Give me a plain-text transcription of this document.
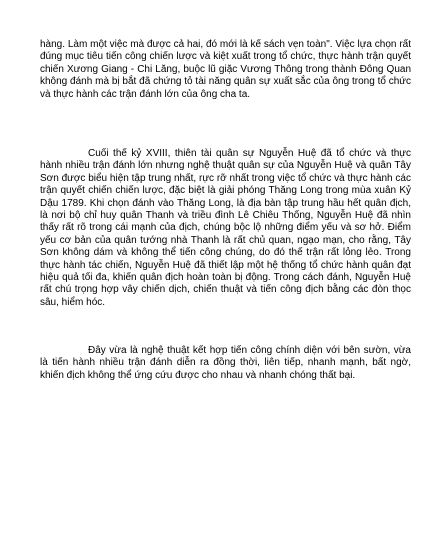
hàng. Làm một việc mà được cả hai, đó mới là kế sách vẹn toàn". Việc lựa chọn rất đúng mục tiêu tiến công chiến lược và kiệt xuất trong tổ chức, thực hành trận quyết chiến Xương Giang - Chi Lăng, buộc lũ giặc Vương Thông trong thành Đông Quan không đánh mà bị bắt đã chứng tỏ tài năng quân sự xuất sắc của ông trong tổ chức và thực hành các trận đánh lớn của ông cha ta.

Cuối thế kỷ XVIII, thiên tài quân sự Nguyễn Huệ đã tổ chức và thực hành nhiều trận đánh lớn nhưng nghệ thuật quân sự của Nguyễn Huệ và quân Tây Sơn được biểu hiện tập trung nhất, rực rỡ nhất trong việc tổ chức và thực hành các trận quyết chiến chiến lược, đặc biệt là giải phóng Thăng Long trong mùa xuân Kỷ Dậu 1789. Khi chọn đánh vào Thăng Long, là địa bàn tập trung hầu hết quân địch, là nơi bộ chỉ huy quân Thanh và triều đình Lê Chiêu Thống, Nguyễn Huệ đã nhìn thấy rất rõ trong cái mạnh của địch, chúng bộc lộ những điểm yếu và sơ hở. Điểm yếu cơ bản của quân tướng nhà Thanh là rất chủ quan, ngạo mạn, cho rằng, Tây Sơn không dám và không thể tiến công chúng, do đó thế trận rất lỏng lẻo. Trong thực hành tác chiến, Nguyễn Huệ đã thiết lập một hệ thống tổ chức hành quân đạt hiệu quả tối đa, khiến quân địch hoàn toàn bị động. Trong cách đánh, Nguyễn Huệ rất chú trọng hợp vây chiến dịch, chiến thuật và tiến công địch bằng các đòn thọc sâu, hiểm hóc.

Đây vừa là nghệ thuật kết hợp tiến công chính diện với bên sườn, vừa là tiến hành nhiều trận đánh diễn ra đồng thời, liên tiếp, nhanh mạnh, bất ngờ, khiến địch không thể ứng cứu được cho nhau và nhanh chóng thất bại.
